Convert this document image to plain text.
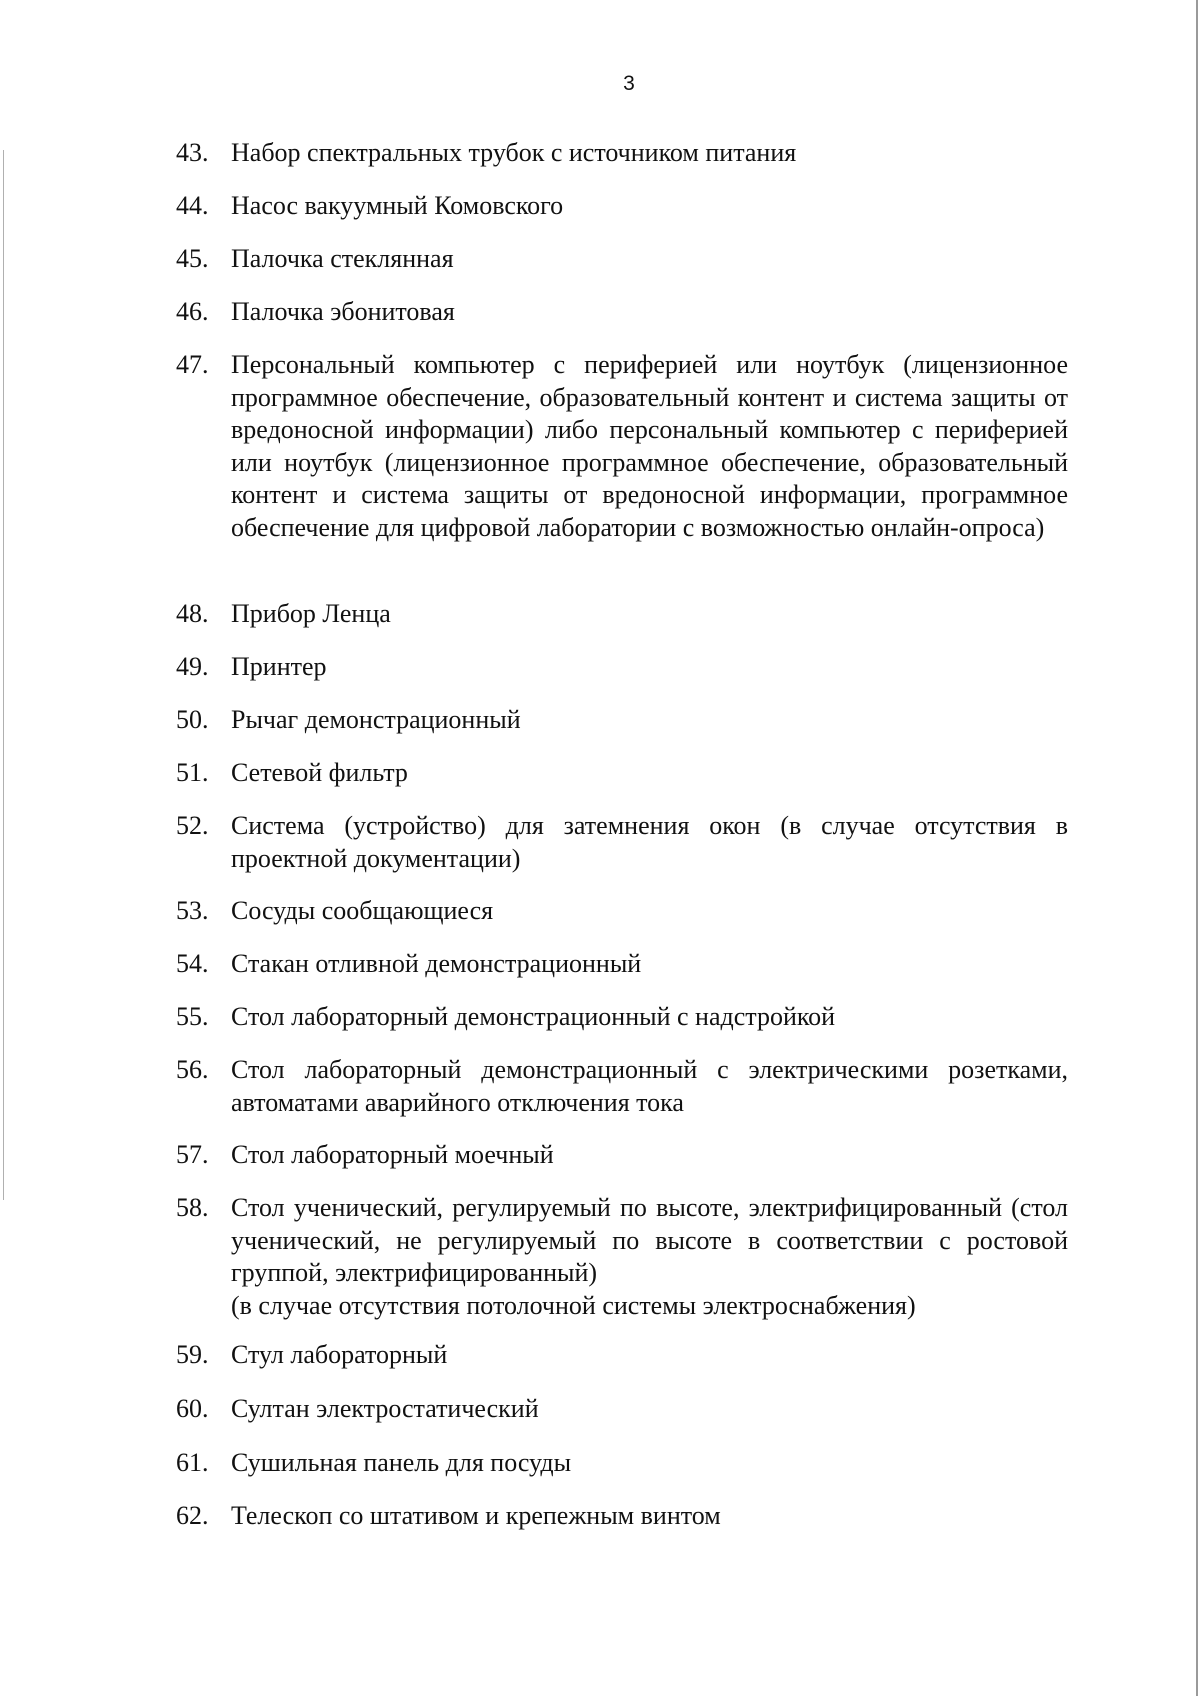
3
43. Набор спектральных трубок с источником питания
44. Насос вакуумный Комовского
45. Палочка стеклянная
46. Палочка эбонитовая
47. Персональный компьютер с периферией или ноутбук (лицензионное программное обеспечение, образовательный контент и система защиты от вредоносной информации) либо персональный компьютер с периферией или ноутбук (лицензионное программное обеспечение, образовательный контент и система защиты от вредоносной информации, программное обеспечение для цифровой лаборатории с возможностью онлайн-опроса)
48. Прибор Ленца
49. Принтер
50. Рычаг демонстрационный
51. Сетевой фильтр
52. Система (устройство) для затемнения окон (в случае отсутствия в проектной документации)
53. Сосуды сообщающиеся
54. Стакан отливной демонстрационный
55. Стол лабораторный демонстрационный с надстройкой
56. Стол лабораторный демонстрационный с электрическими розетками, автоматами аварийного отключения тока
57. Стол лабораторный моечный
58. Стол ученический, регулируемый по высоте, электрифицированный (стол ученический, не регулируемый по высоте в соответствии с ростовой группой, электрифицированный)
(в случае отсутствия потолочной системы электроснабжения)
59. Стул лабораторный
60. Султан электростатический
61. Сушильная панель для посуды
62. Телескоп со штативом и крепежным винтом
